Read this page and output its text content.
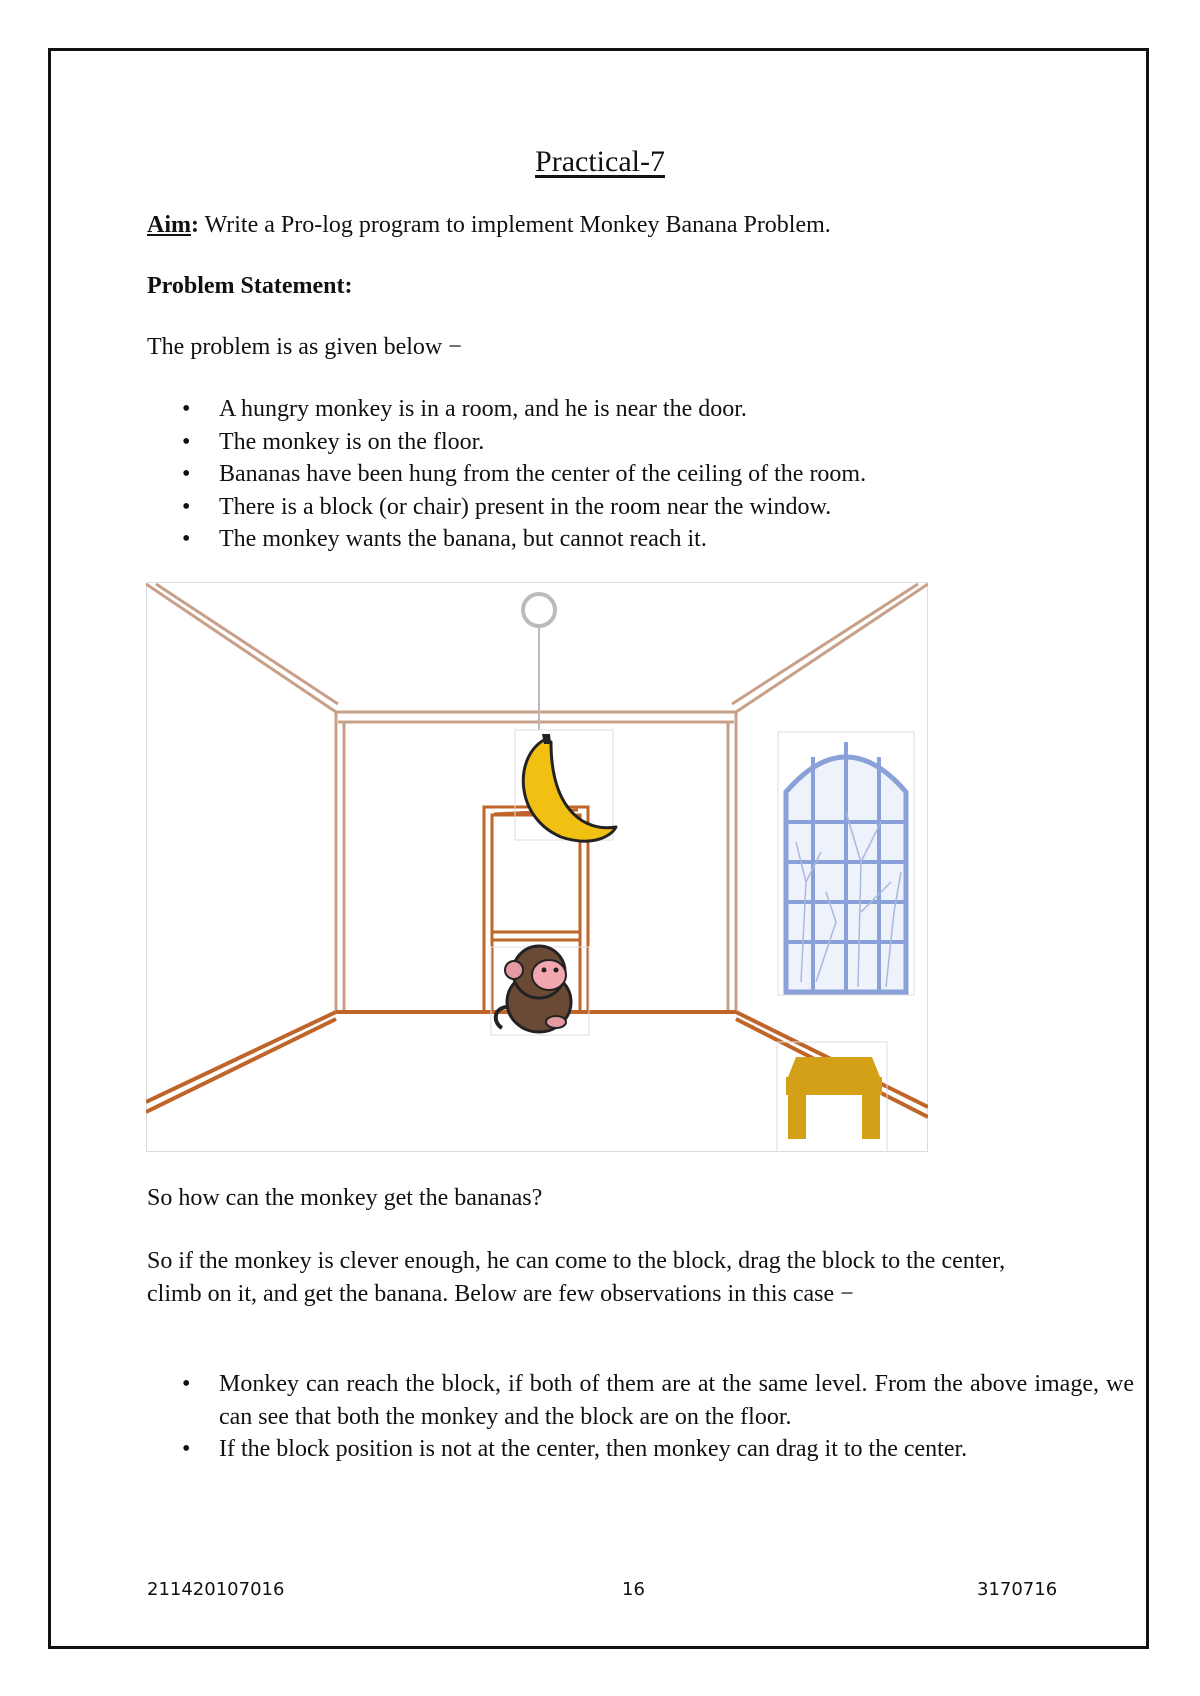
Practical-7
Aim: Write a Pro-log program to implement Monkey Banana Problem.
Problem Statement:
The problem is as given below −
• A hungry monkey is in a room, and he is near the door.
• The monkey is on the floor.
• Bananas have been hung from the center of the ceiling of the room.
• There is a block (or chair) present in the room near the window.
• The monkey wants the banana, but cannot reach it.
So how can the monkey get the bananas?
So if the monkey is clever enough, he can come to the block, drag the block to the center, climb on it, and get the banana. Below are few observations in this case −
• Monkey can reach the block, if both of them are at the same level. From the above image, we can see that both the monkey and the block are on the floor.
• If the block position is not at the center, then monkey can drag it to the center.
211420107016	16	3170716
